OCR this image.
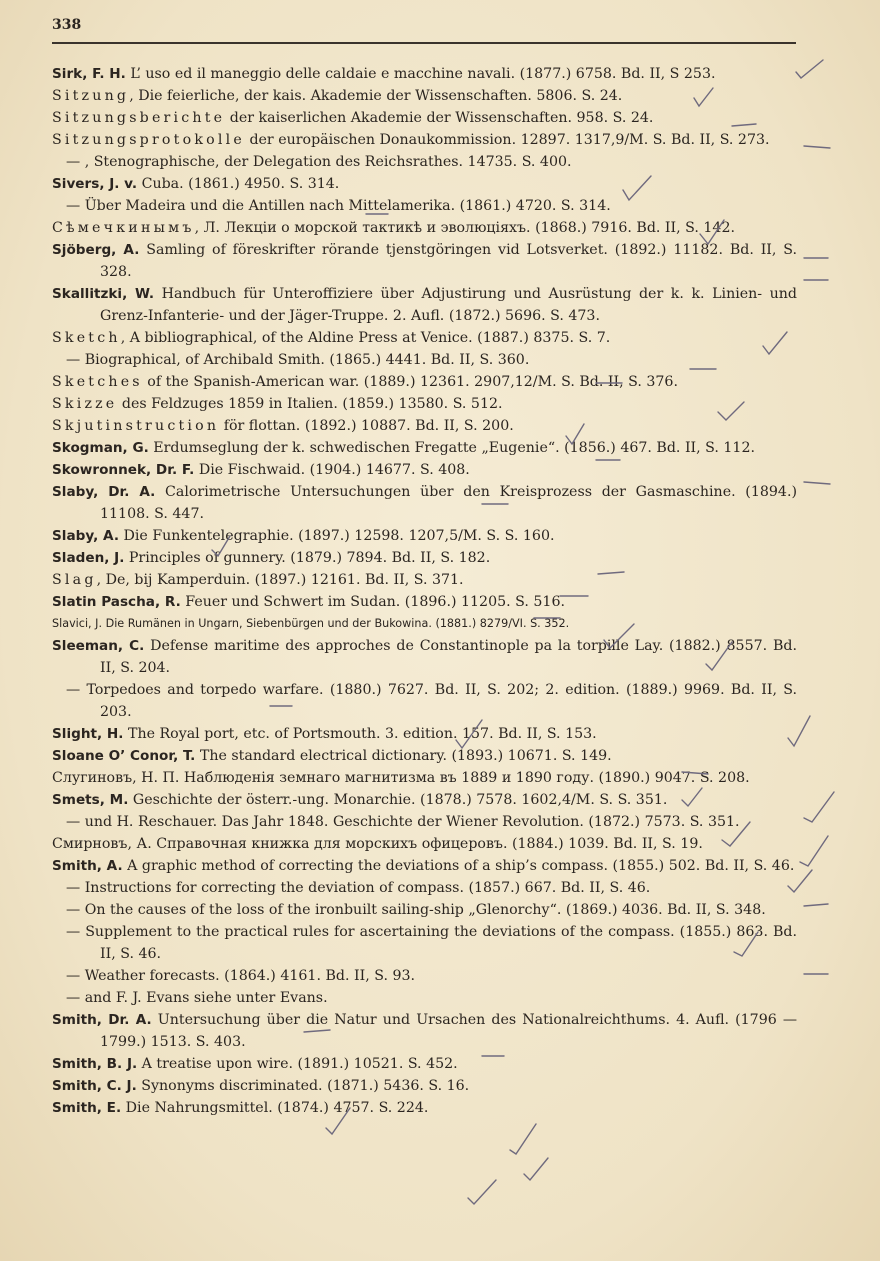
338
Sirk, F. H. L’ uso ed il maneggio delle caldaie e macchine navali. (1877.) 6758. Bd. II, S 253.
Sitzung, Die feierliche, der kais. Akademie der Wissenschaften. 5806. S. 24.
Sitzungsberichte der kaiserlichen Akademie der Wissenschaften. 958. S. 24.
Sitzungsprotokolle der europäischen Donaukommission. 12897. 1317,9/M. S. Bd. II, S. 273.
— , Stenographische, der Delegation des Reichsrathes. 14735. S. 400.
Sivers, J. v. Cuba. (1861.) 4950. S. 314.
— Über Madeira und die Antillen nach Mittelamerika. (1861.) 4720. S. 314.
Сѣмечкинымъ, Л. Лекціи о морской тактикѣ и эволюціяхъ. (1868.) 7916. Bd. II, S. 142.
Sjöberg, A. Samling of föreskrifter rörande tjenstgöringen vid Lotsverket. (1892.) 11182. Bd. II, S. 328.
Skallitzki, W. Handbuch für Unteroffiziere über Adjustirung und Ausrüstung der k. k. Linien- und Grenz-Infanterie- und der Jäger-Truppe. 2. Aufl. (1872.) 5696. S. 473.
Sketch, A bibliographical, of the Aldine Press at Venice. (1887.) 8375. S. 7.
— Biographical, of Archibald Smith. (1865.) 4441. Bd. II, S. 360.
Sketches of the Spanish-American war. (1889.) 12361. 2907,12/M. S. Bd. II, S. 376.
Skizze des Feldzuges 1859 in Italien. (1859.) 13580. S. 512.
Skjutinstruction för flottan. (1892.) 10887. Bd. II, S. 200.
Skogman, G. Erdumseglung der k. schwedischen Fregatte „Eugenie“. (1856.) 467. Bd. II, S. 112.
Skowronnek, Dr. F. Die Fischwaid. (1904.) 14677. S. 408.
Slaby, Dr. A. Calorimetrische Untersuchungen über den Kreisprozess der Gasmaschine. (1894.) 11108. S. 447.
Slaby, A. Die Funkentelegraphie. (1897.) 12598. 1207,5/M. S. S. 160.
Sladen, J. Principles of gunnery. (1879.) 7894. Bd. II, S. 182.
Slag, De, bij Kamperduin. (1897.) 12161. Bd. II, S. 371.
Slatin Pascha, R. Feuer und Schwert im Sudan. (1896.) 11205. S. 516.
Slavici, J. Die Rumänen in Ungarn, Siebenbürgen und der Bukowina. (1881.) 8279/VI. S. 352.
Sleeman, C. Defense maritime des approches de Constantinople pa la torpille Lay. (1882.) 8557. Bd. II, S. 204.
— Torpedoes and torpedo warfare. (1880.) 7627. Bd. II, S. 202; 2. edition. (1889.) 9969. Bd. II, S. 203.
Slight, H. The Royal port, etc. of Portsmouth. 3. edition. 157. Bd. II, S. 153.
Sloane O’ Conor, T. The standard electrical dictionary. (1893.) 10671. S. 149.
Слугиновъ, Н. П. Наблюденія земнаго магнитизма въ 1889 и 1890 году. (1890.) 9047. S. 208.
Smets, M. Geschichte der österr.-ung. Monarchie. (1878.) 7578. 1602,4/M. S. S. 351.
— und H. Reschauer. Das Jahr 1848. Geschichte der Wiener Revolution. (1872.) 7573. S. 351.
Смирновъ, А. Справочная книжка для морскихъ офицеровъ. (1884.) 1039. Bd. II, S. 19.
Smith, A. A graphic method of correcting the deviations of a ship’s compass. (1855.) 502. Bd. II, S. 46.
— Instructions for correcting the deviation of compass. (1857.) 667. Bd. II, S. 46.
— On the causes of the loss of the ironbuilt sailing-ship „Glenorchy“. (1869.) 4036. Bd. II, S. 348.
— Supplement to the practical rules for ascertaining the deviations of the compass. (1855.) 863. Bd. II, S. 46.
— Weather forecasts. (1864.) 4161. Bd. II, S. 93.
— and F. J. Evans siehe unter Evans.
Smith, Dr. A. Untersuchung über die Natur und Ursachen des Nationalreichthums. 4. Aufl. (1796 — 1799.) 1513. S. 403.
Smith, B. J. A treatise upon wire. (1891.) 10521. S. 452.
Smith, C. J. Synonyms discriminated. (1871.) 5436. S. 16.
Smith, E. Die Nahrungsmittel. (1874.) 4757. S. 224.
